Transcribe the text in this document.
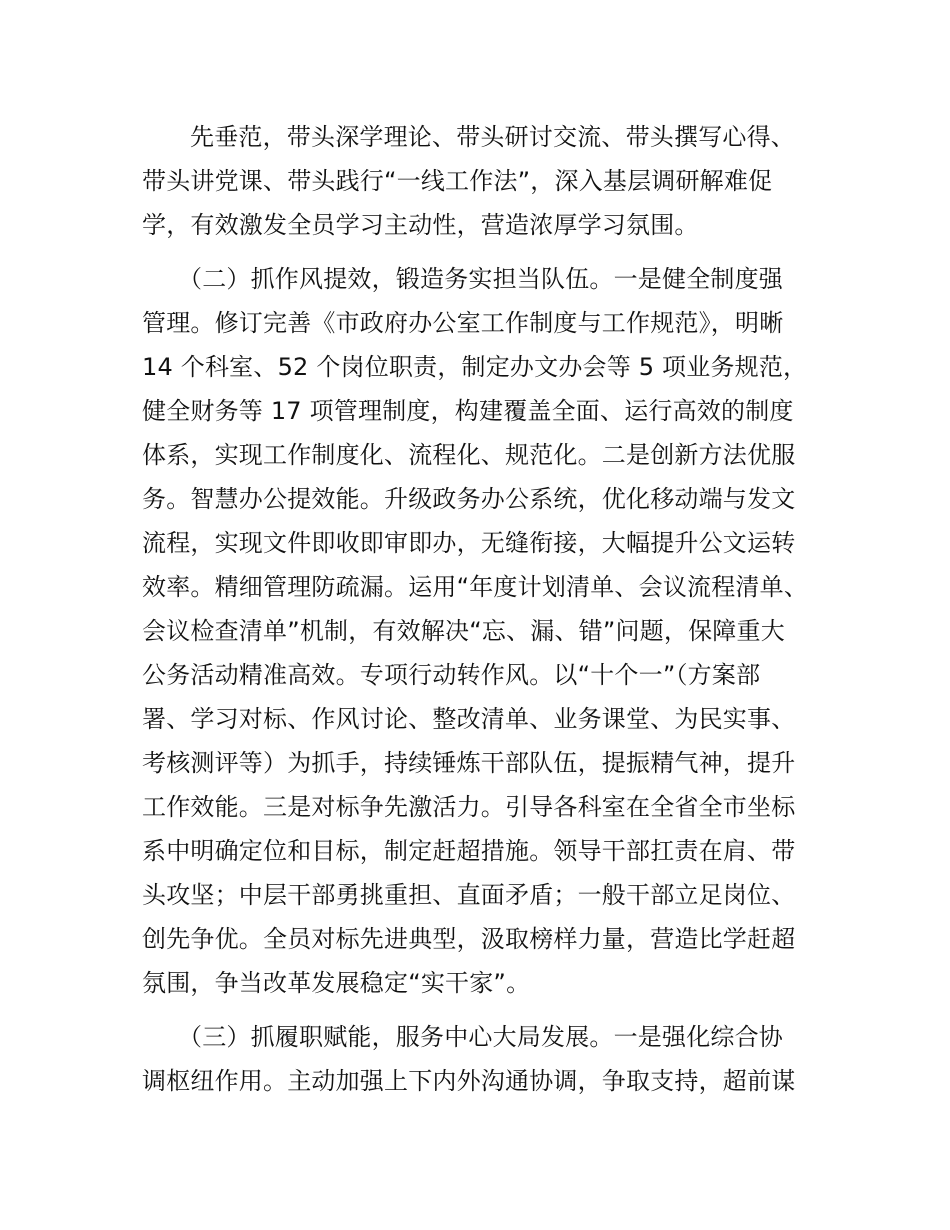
先垂范，带头深学理论、带头研讨交流、带头撰写心得、
带头讲党课、带头践行“一线工作法”，深入基层调研解难促
学，有效激发全员学习主动性，营造浓厚学习氛围。
（二）抓作风提效，锻造务实担当队伍。一是健全制度强
管理。修订完善《市政府办公室工作制度与工作规范》，明晰
14 个科室、52 个岗位职责，制定办文办会等 5 项业务规范，
健全财务等 17 项管理制度，构建覆盖全面、运行高效的制度
体系，实现工作制度化、流程化、规范化。二是创新方法优服
务。智慧办公提效能。升级政务办公系统，优化移动端与发文
流程，实现文件即收即审即办，无缝衔接，大幅提升公文运转
效率。精细管理防疏漏。运用“年度计划清单、会议流程清单、
会议检查清单”机制，有效解决“忘、漏、错”问题，保障重大
公务活动精准高效。专项行动转作风。以“十个一”（方案部
署、学习对标、作风讨论、整改清单、业务课堂、为民实事、
考核测评等）为抓手，持续锤炼干部队伍，提振精气神，提升
工作效能。三是对标争先激活力。引导各科室在全省全市坐标
系中明确定位和目标，制定赶超措施。领导干部扛责在肩、带
头攻坚；中层干部勇挑重担、直面矛盾；一般干部立足岗位、
创先争优。全员对标先进典型，汲取榜样力量，营造比学赶超
氛围，争当改革发展稳定“实干家”。
（三）抓履职赋能，服务中心大局发展。一是强化综合协
调枢纽作用。主动加强上下内外沟通协调，争取支持，超前谋
